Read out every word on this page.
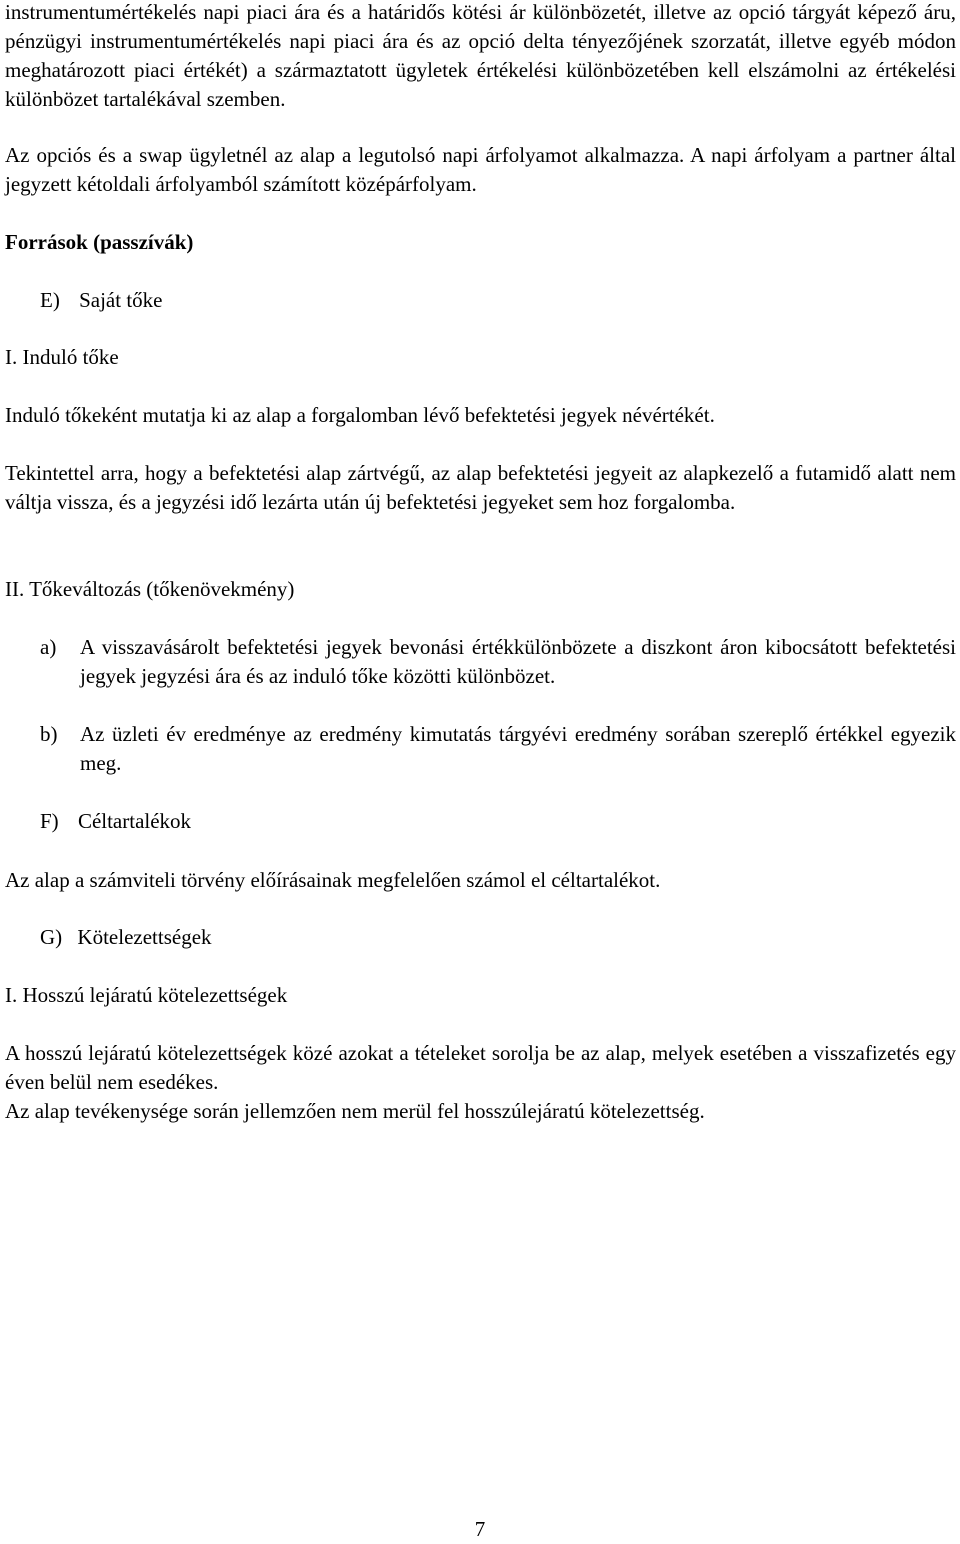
instrumentumértékelés napi piaci ára és a határidős kötési ár különbözetét, illetve az opció tárgyát képező áru, pénzügyi instrumentumértékelés napi piaci ára és az opció delta tényezőjének szorzatát, illetve egyéb módon meghatározott piaci értékét) a származtatott ügyletek értékelési különbözetében kell elszámolni az értékelési különbözet tartalékával szemben.

Az opciós és a swap ügyletnél az alap a legutolsó napi árfolyamot alkalmazza. A napi árfolyam a partner által jegyzett kétoldali árfolyamból számított középárfolyam.

Források (passzívák)

E) Saját tőke

I. Induló tőke

Induló tőkeként mutatja ki az alap a forgalomban lévő befektetési jegyek névértékét.

Tekintettel arra, hogy a befektetési alap zártvégű, az alap befektetési jegyeit az alapkezelő a futamidő alatt nem váltja vissza, és a jegyzési idő lezárta után új befektetési jegyeket sem hoz forgalomba.

II. Tőkeváltozás (tőkenövekmény)

a) A visszavásárolt befektetési jegyek bevonási értékkülönbözete a diszkont áron kibocsátott befektetési jegyek jegyzési ára és az induló tőke közötti különbözet.

b) Az üzleti év eredménye az eredmény kimutatás tárgyévi eredmény sorában szereplő értékkel egyezik meg.

F) Céltartalékok

Az alap a számviteli törvény előírásainak megfelelően számol el céltartalékot.

G) Kötelezettségek

I. Hosszú lejáratú kötelezettségek

A hosszú lejáratú kötelezettségek közé azokat a tételeket sorolja be az alap, melyek esetében a visszafizetés egy éven belül nem esedékes.

Az alap tevékenysége során jellemzően nem merül fel hosszúlejáratú kötelezettség.

7
